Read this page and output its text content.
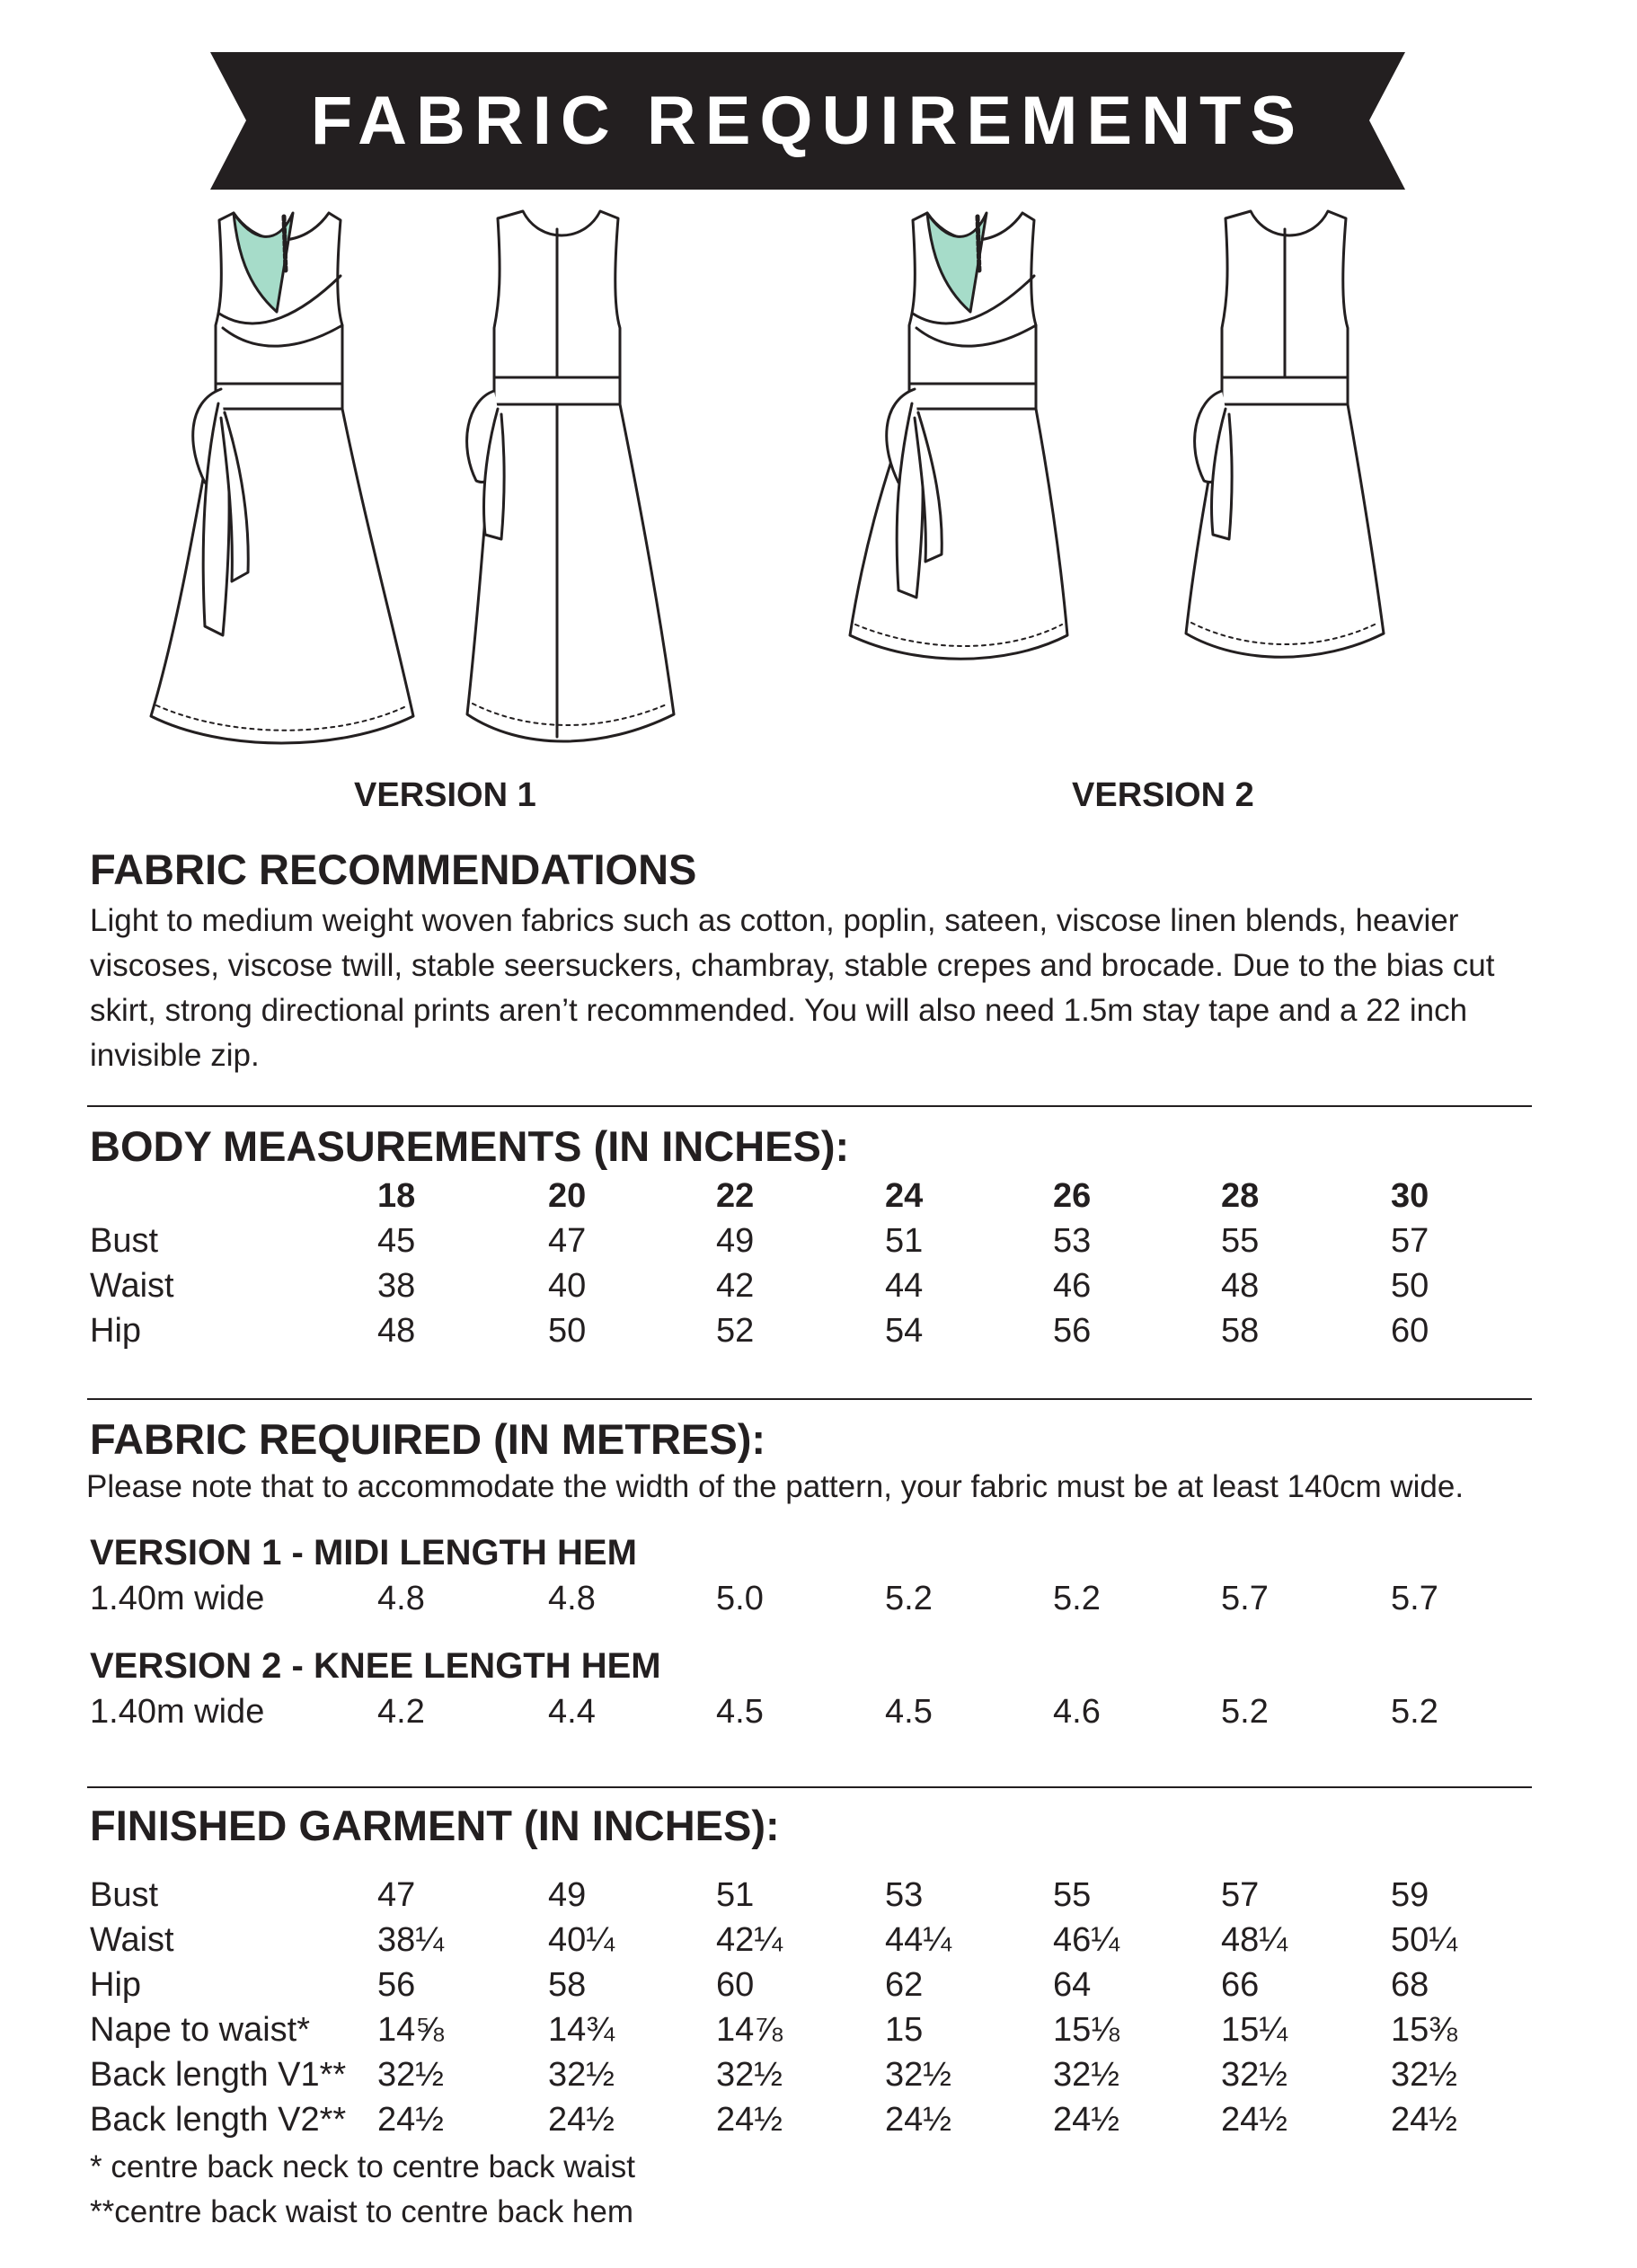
FABRIC REQUIREMENTS
VERSION 1	VERSION 2
FABRIC RECOMMENDATIONS
Light to medium weight woven fabrics such as cotton, poplin, sateen, viscose linen blends, heavier
viscoses, viscose twill, stable seersuckers, chambray, stable crepes and brocade. Due to the bias cut
skirt, strong directional prints aren’t recommended. You will also need 1.5m stay tape and a 22 inch
invisible zip.
BODY MEASUREMENTS (IN INCHES):
18	20	22	24	26	28	30
Bust	45	47	49	51	53	55	57
Waist	38	40	42	44	46	48	50
Hip	48	50	52	54	56	58	60
FABRIC REQUIRED (IN METRES):
Please note that to accommodate the width of the pattern, your fabric must be at least 140cm wide.
VERSION 1 - MIDI LENGTH HEM
1.40m wide	4.8	4.8	5.0	5.2	5.2	5.7	5.7
VERSION 2 - KNEE LENGTH HEM
1.40m wide	4.2	4.4	4.5	4.5	4.6	5.2	5.2
FINISHED GARMENT (IN INCHES):
Bust	47	49	51	53	55	57	59
Waist	38¼	40¼	42¼	44¼	46¼	48¼	50¼
Hip	56	58	60	62	64	66	68
Nape to waist* 14⅝	14¾	14⅞	15	15⅛	15¼	15⅜
Back length V1** 32½	32½	32½	32½	32½	32½	32½
Back length V2** 24½	24½	24½	24½	24½	24½	24½
* centre back neck to centre back waist
**centre back waist to centre back hem
